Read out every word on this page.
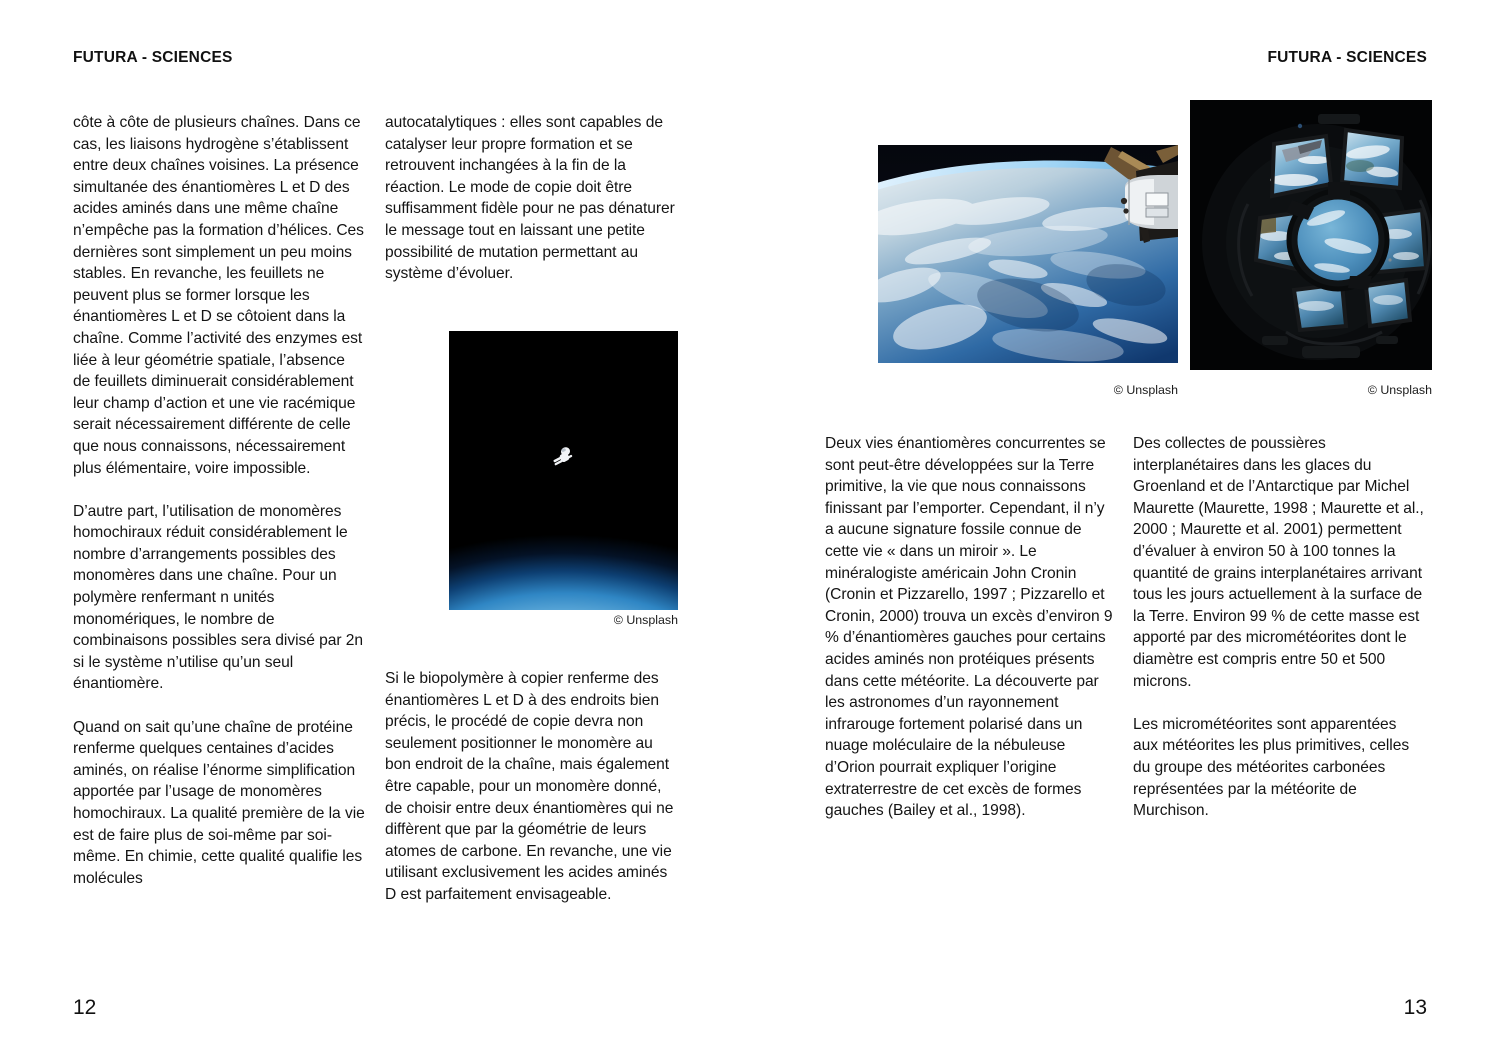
FUTURA - SCIENCES

côte à côte de plusieurs chaînes. Dans ce cas, les liaisons hydrogène s’établissent entre deux chaînes voisines. La présence simultanée des énantiomères L et D des acides aminés dans une même chaîne n’empêche pas la formation d’hélices. Ces dernières sont simplement un peu moins stables. En revanche, les feuillets ne peuvent plus se former lorsque les énantiomères L et D se côtoient dans la chaîne. Comme l’activité des enzymes est liée à leur géométrie spatiale, l’absence de feuillets diminuerait considérablement leur champ d’action et une vie racémique serait nécessairement différente de celle que nous connaissons, nécessairement plus élémentaire, voire impossible.

D’autre part, l’utilisation de monomères homochiraux réduit considérablement le nombre d’arrangements possibles des monomères dans une chaîne. Pour un polymère renfermant n unités monomériques, le nombre de combinaisons possibles sera divisé par 2n si le système n’utilise qu’un seul énantiomère.

Quand on sait qu’une chaîne de protéine renferme quelques centaines d’acides aminés, on réalise l’énorme simplification apportée par l’usage de monomères homochiraux. La qualité première de la vie est de faire plus de soi-même par soi-même. En chimie, cette qualité qualifie les molécules

autocatalytiques : elles sont capables de catalyser leur propre formation et se retrouvent inchangées à la fin de la réaction. Le mode de copie doit être suffisamment fidèle pour ne pas dénaturer le message tout en laissant une petite possibilité de mutation permettant au système d’évoluer.

© Unsplash

Si le biopolymère à copier renferme des énantiomères L et D à des endroits bien précis, le procédé de copie devra non seulement positionner le monomère au bon endroit de la chaîne, mais également être capable, pour un monomère donné, de choisir entre deux énantiomères qui ne diffèrent que par la géométrie de leurs atomes de carbone. En revanche, une vie utilisant exclusivement les acides aminés D est parfaitement envisageable.

12
FUTURA - SCIENCES
© Unsplash	© Unsplash

Deux vies énantiomères concurrentes se sont peut-être développées sur la Terre primitive, la vie que nous connaissons finissant par l’emporter. Cependant, il n’y a aucune signature fossile connue de cette vie « dans un miroir ». Le minéralogiste américain John Cronin (Cronin et Pizzarello, 1997 ; Pizzarello et Cronin, 2000) trouva un excès d’environ 9 % d’énantiomères gauches pour certains acides aminés non protéiques présents dans cette météorite. La découverte par les astronomes d’un rayonnement infrarouge fortement polarisé dans un nuage moléculaire de la nébuleuse d’Orion pourrait expliquer l’origine extraterrestre de cet excès de formes gauches (Bailey et al., 1998).

Des collectes de poussières interplanétaires dans les glaces du Groenland et de l’Antarctique par Michel Maurette (Maurette, 1998 ; Maurette et al., 2000 ; Maurette et al. 2001) permettent d’évaluer à environ 50 à 100 tonnes la quantité de grains interplanétaires arrivant tous les jours actuellement à la surface de la Terre. Environ 99 % de cette masse est apporté par des micrométéorites dont le diamètre est compris entre 50 et 500 microns.

Les micrométéorites sont apparentées aux météorites les plus primitives, celles du groupe des météorites carbonées représentées par la météorite de Murchison.

13
